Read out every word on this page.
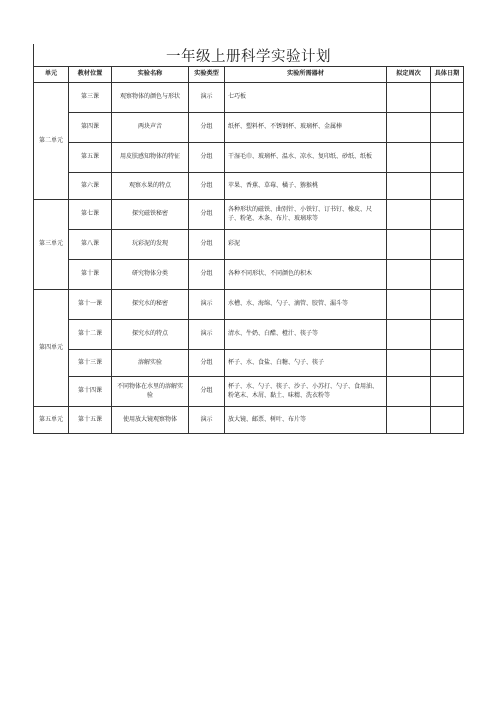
一年级上册科学实验计划
单元	教材位置	实验名称	实验类型	实验所需器材	拟定周次	具体日期
第二单元	第三课	观察物体的颜色与形状	演示	七巧板		
	第四课	两块声音	分组	纸杯、塑料杯、不锈钢杯、玻璃杯、金属棒		
	第五课	用皮肤感知物体的特征	分组	干湿毛巾、玻璃杯、温水、凉水、复印纸、砂纸、纸板		
	第六课	观察水果的特点	分组	苹果、香蕉、草莓、橘子、猕猴桃		
第三单元	第七课	探究磁铁秘密	分组	各种形状的磁铁、曲别针、小铁钉、订书钉、橡皮、尺子、粉笔、木条、布片、玻璃球等		
	第八课	玩彩泥的发现	分组	彩泥		
	第十课	研究物体分类	分组	各种不同形状、不同颜色的积木		
第四单元	第十一课	探究水的秘密	演示	水槽、水、海绵、勺子、滴管、胶管、漏斗等		
	第十二课	探究水的特点	演示	清水、牛奶、白醋、橙汁、筷子等		
	第十三课	溶解实验	分组	杯子、水、食盐、白糖、勺子、筷子		
	第十四课	不同物体在水里的溶解实验	分组	杯子、水、勺子、筷子、沙子、小苏打、勺子、食用油、粉笔末、木屑、黏土、味精、洗衣粉等		
第五单元	第十五课	使用放大镜观察物体	演示	放大镜、邮票、树叶、布片等		
